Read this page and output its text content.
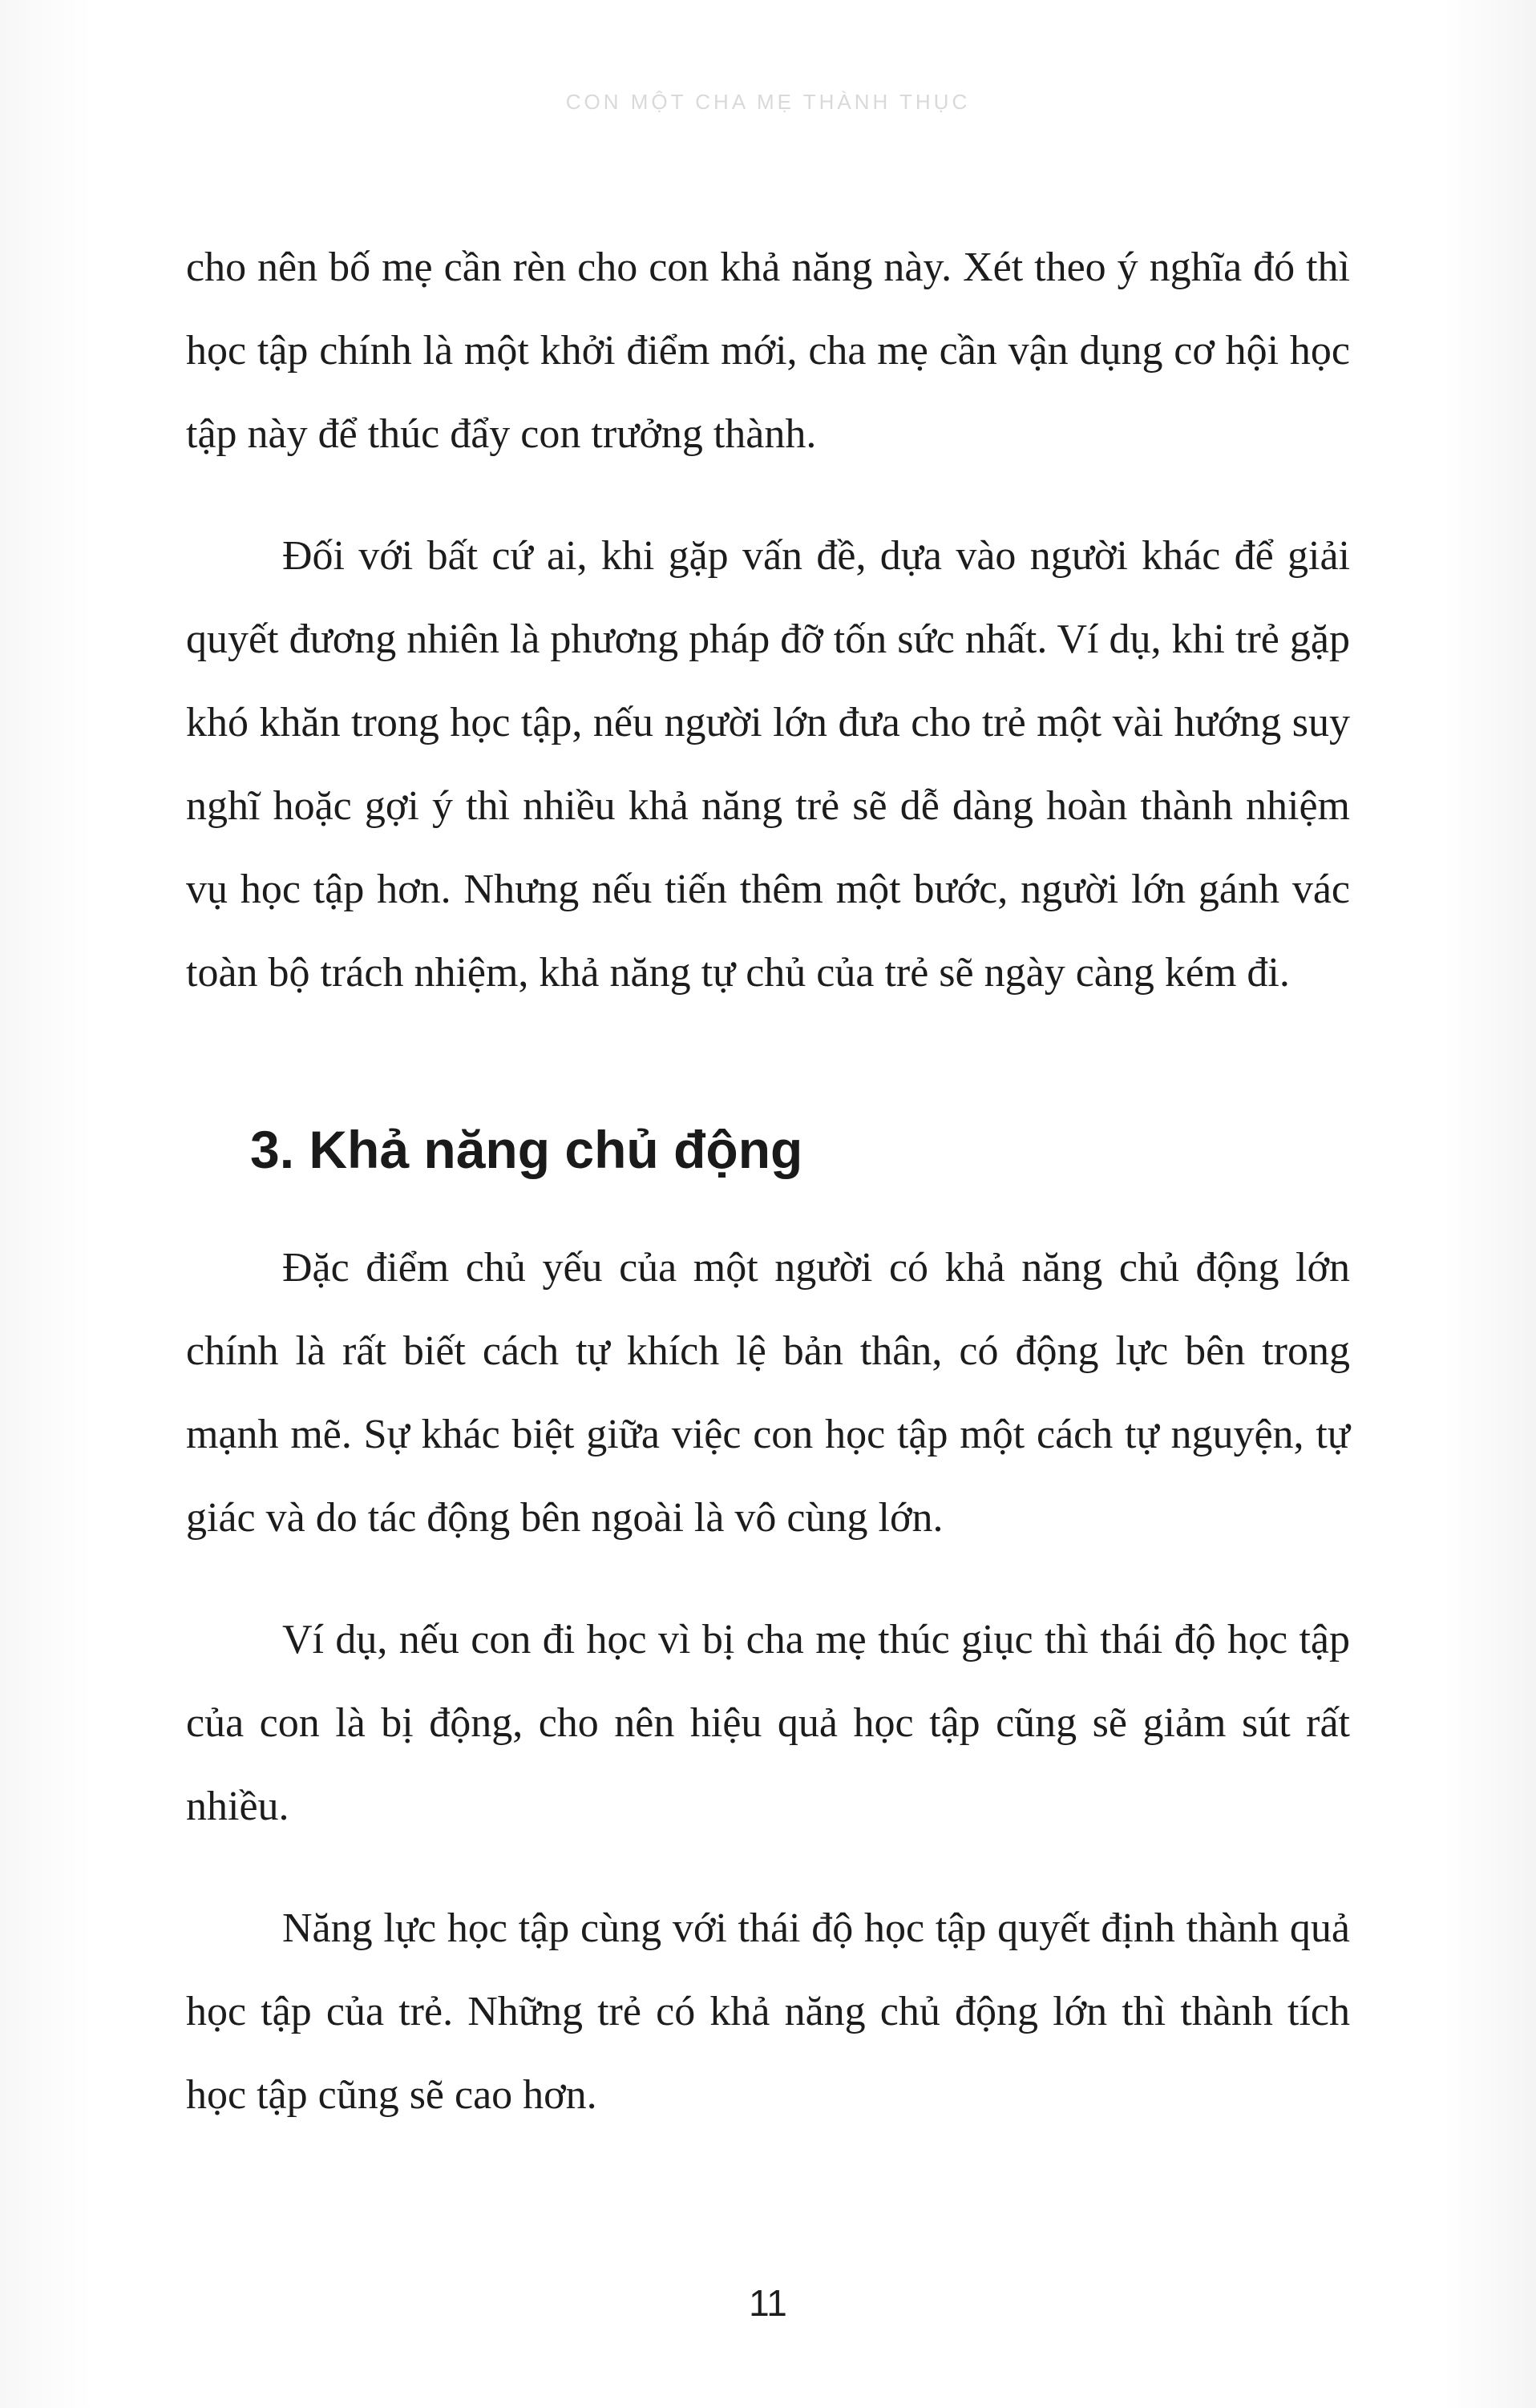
CON MỘT CHA MẸ THÀNH THỤC

cho nên bố mẹ cần rèn cho con khả năng này. Xét theo ý nghĩa đó thì học tập chính là một khởi điểm mới, cha mẹ cần vận dụng cơ hội học tập này để thúc đẩy con trưởng thành.

Đối với bất cứ ai, khi gặp vấn đề, dựa vào người khác để giải quyết đương nhiên là phương pháp đỡ tốn sức nhất. Ví dụ, khi trẻ gặp khó khăn trong học tập, nếu người lớn đưa cho trẻ một vài hướng suy nghĩ hoặc gợi ý thì nhiều khả năng trẻ sẽ dễ dàng hoàn thành nhiệm vụ học tập hơn. Nhưng nếu tiến thêm một bước, người lớn gánh vác toàn bộ trách nhiệm, khả năng tự chủ của trẻ sẽ ngày càng kém đi.

3. Khả năng chủ động

Đặc điểm chủ yếu của một người có khả năng chủ động lớn chính là rất biết cách tự khích lệ bản thân, có động lực bên trong mạnh mẽ. Sự khác biệt giữa việc con học tập một cách tự nguyện, tự giác và do tác động bên ngoài là vô cùng lớn.

Ví dụ, nếu con đi học vì bị cha mẹ thúc giục thì thái độ học tập của con là bị động, cho nên hiệu quả học tập cũng sẽ giảm sút rất nhiều.

Năng lực học tập cùng với thái độ học tập quyết định thành quả học tập của trẻ. Những trẻ có khả năng chủ động lớn thì thành tích học tập cũng sẽ cao hơn.

11
